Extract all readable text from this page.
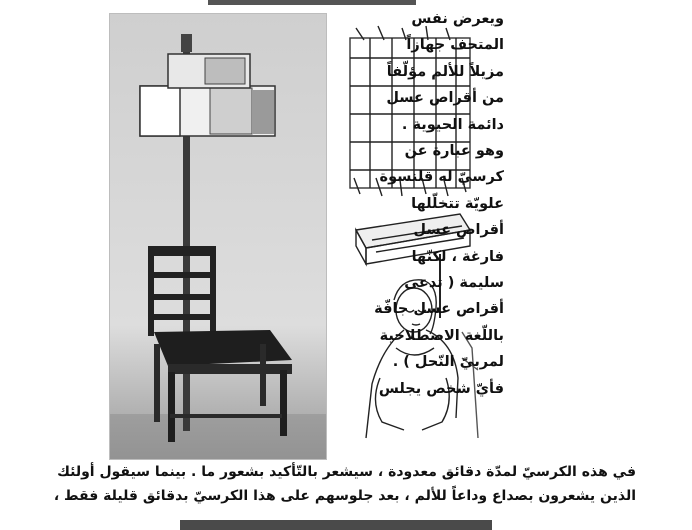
ويعرض نفس
المتحف جهازاً
مزيلاً للألم مؤلّفاً
من أقراص عسل
دائمة الحيوية .
وهو عبارة عن
كرسيّ له قلنسوة
علويّة تتخلّلها
أقراص عسل
فارغة ، لكنّها
سليمة ( تدعى
أقراص عسل جافّة
باللّغة الاصطلاحية
لمربيّ النّحل ) .
فأيّ شخص يجلس
في هذه الكرسيّ لمدّة دقائق معدودة ، سيشعر بالتّأكيد بشعور ما . بينما سيقول أولئك
الذين يشعرون بصداع وداعاً للألم ، بعد جلوسهم على هذا الكرسيّ بدقائق قليلة فقط ،
